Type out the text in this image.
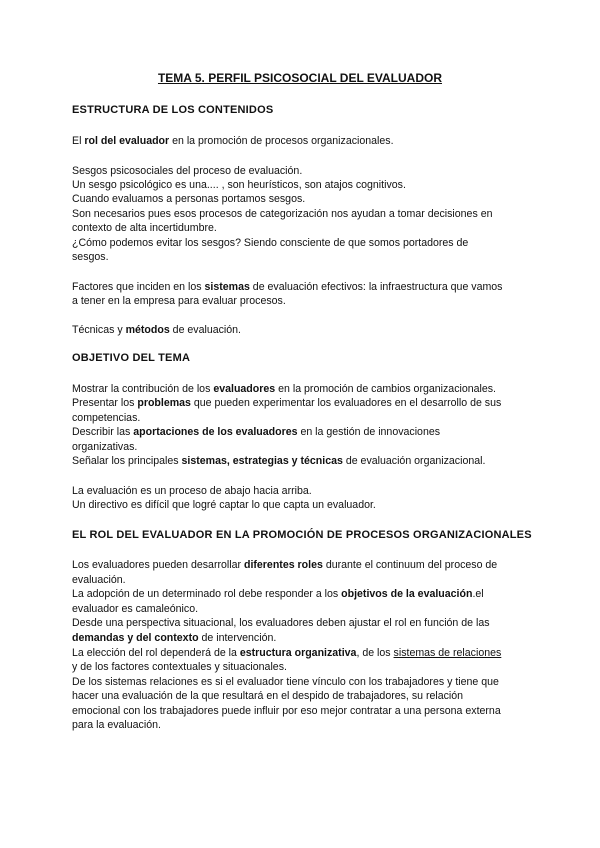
TEMA 5. PERFIL PSICOSOCIAL DEL EVALUADOR
ESTRUCTURA DE LOS CONTENIDOS
El rol del evaluador en la promoción de procesos organizacionales.
Sesgos psicosociales del proceso de evaluación.
Un sesgo psicológico es una.... , son heurísticos, son atajos cognitivos.
Cuando evaluamos a personas portamos sesgos.
Son necesarios pues esos procesos de categorización nos ayudan a tomar decisiones en
contexto de alta incertidumbre.
¿Cómo podemos evitar los sesgos? Siendo consciente de que somos portadores de
sesgos.
Factores que inciden en los sistemas de evaluación efectivos: la infraestructura que vamos
a tener en la empresa para evaluar procesos.
Técnicas y métodos de evaluación.
OBJETIVO DEL TEMA
Mostrar la contribución de los evaluadores en la promoción de cambios organizacionales.
Presentar los problemas que pueden experimentar los evaluadores en el desarrollo de sus
competencias.
Describir las aportaciones de los evaluadores en la gestión de innovaciones
organizativas.
Señalar los principales sistemas, estrategias y técnicas de evaluación organizacional.
La evaluación es un proceso de abajo hacia arriba.
Un directivo es difícil que logré captar lo que capta un evaluador.
EL ROL DEL EVALUADOR EN LA PROMOCIÓN DE PROCESOS ORGANIZACIONALES
Los evaluadores pueden desarrollar diferentes roles durante el continuum del proceso de
evaluación.
La adopción de un determinado rol debe responder a los objetivos de la evaluación.el
evaluador es camaleónico.
Desde una perspectiva situacional, los evaluadores deben ajustar el rol en función de las
demandas y del contexto de intervención.
La elección del rol dependerá de la estructura organizativa, de los sistemas de relaciones
y de los factores contextuales y situacionales.
De los sistemas relaciones es si el evaluador tiene vínculo con los trabajadores y tiene que
hacer una evaluación de la que resultará en el despido de trabajadores, su relación
emocional con los trabajadores puede influir por eso mejor contratar a una persona externa
para la evaluación.
